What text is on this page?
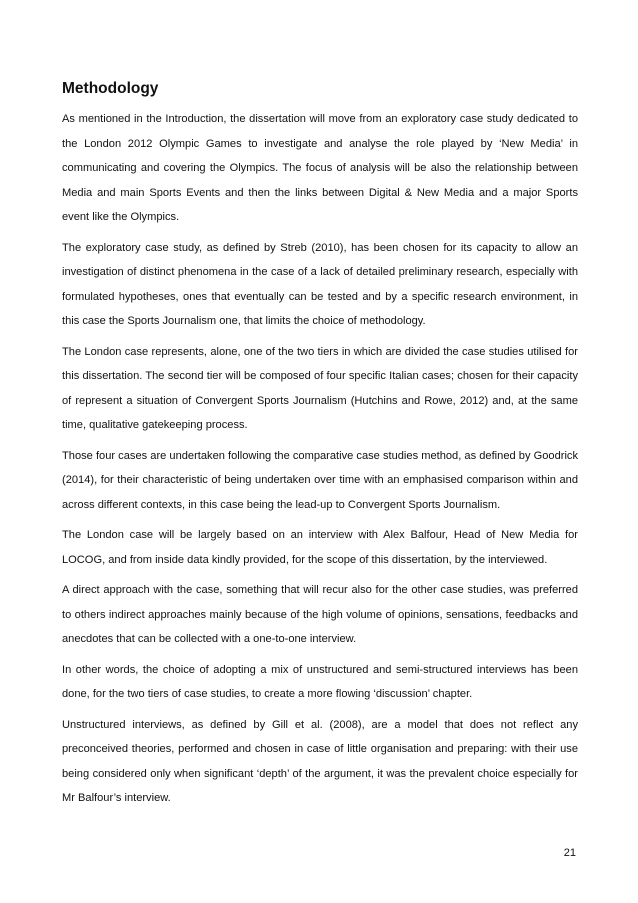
Methodology

As mentioned in the Introduction, the dissertation will move from an exploratory case study dedicated to the London 2012 Olympic Games to investigate and analyse the role played by ‘New Media’ in communicating and covering the Olympics. The focus of analysis will be also the relationship between Media and main Sports Events and then the links between Digital & New Media and a major Sports event like the Olympics.

The exploratory case study, as defined by Streb (2010), has been chosen for its capacity to allow an investigation of distinct phenomena in the case of a lack of detailed preliminary research, especially with formulated hypotheses, ones that eventually can be tested and by a specific research environment, in this case the Sports Journalism one, that limits the choice of methodology.

The London case represents, alone, one of the two tiers in which are divided the case studies utilised for this dissertation. The second tier will be composed of four specific Italian cases; chosen for their capacity of represent a situation of Convergent Sports Journalism (Hutchins and Rowe, 2012) and, at the same time, qualitative gatekeeping process.

Those four cases are undertaken following the comparative case studies method, as defined by Goodrick (2014), for their characteristic of being undertaken over time with an emphasised comparison within and across different contexts, in this case being the lead-up to Convergent Sports Journalism.

The London case will be largely based on an interview with Alex Balfour, Head of New Media for LOCOG, and from inside data kindly provided, for the scope of this dissertation, by the interviewed.

A direct approach with the case, something that will recur also for the other case studies, was preferred to others indirect approaches mainly because of the high volume of opinions, sensations, feedbacks and anecdotes that can be collected with a one-to-one interview.

In other words, the choice of adopting a mix of unstructured and semi-structured interviews has been done, for the two tiers of case studies, to create a more flowing ‘discussion’ chapter.

Unstructured interviews, as defined by Gill et al. (2008), are a model that does not reflect any preconceived theories, performed and chosen in case of little organisation and preparing: with their use being considered only when significant ‘depth’ of the argument, it was the prevalent choice especially for Mr Balfour’s interview.

21
